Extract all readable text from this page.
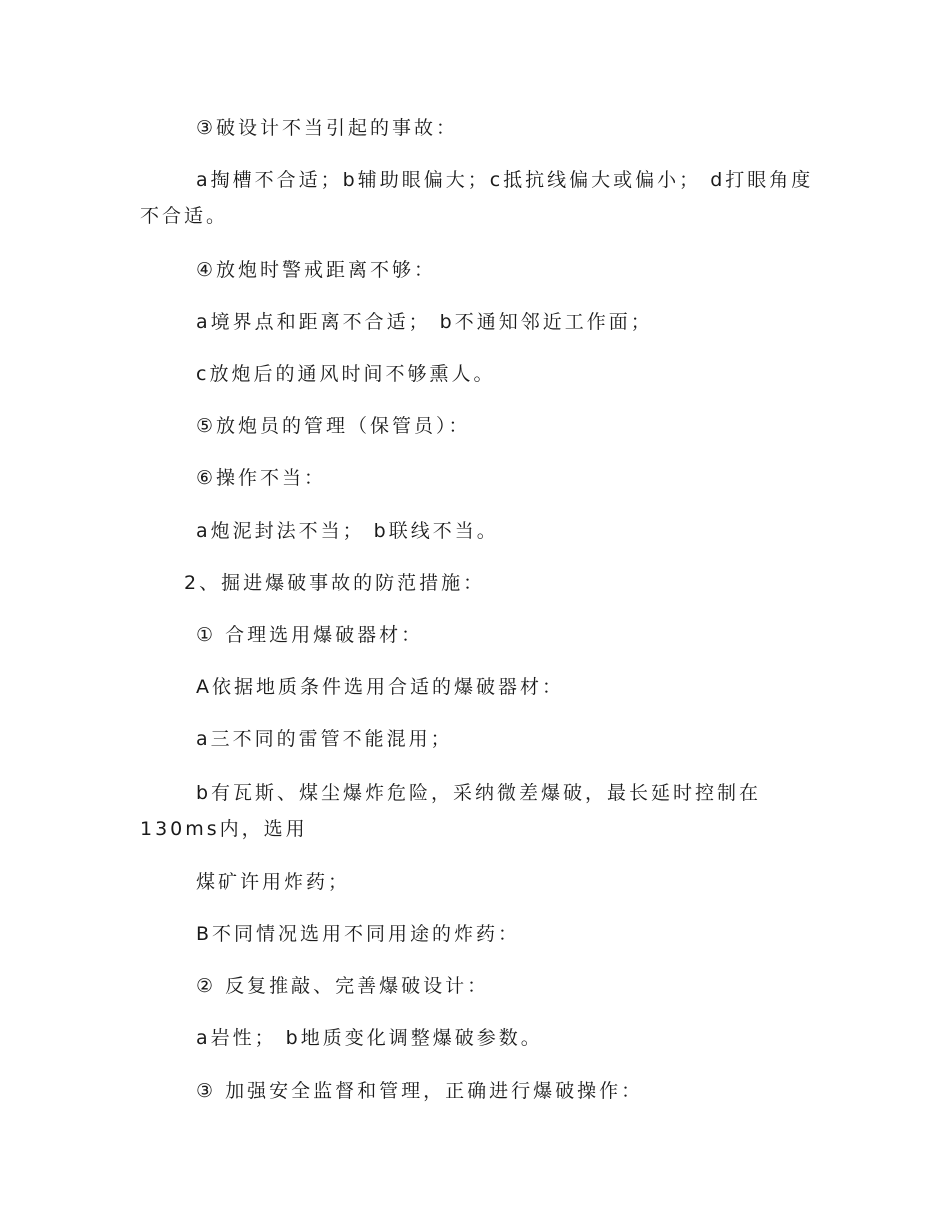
③破设计不当引起的事故：
a掏槽不合适；b辅助眼偏大；c抵抗线偏大或偏小； d打眼角度
不合适。
④放炮时警戒距离不够：
a境界点和距离不合适； b不通知邻近工作面；
c放炮后的通风时间不够熏人。
⑤放炮员的管理（保管员）：
⑥操作不当：
a炮泥封法不当； b联线不当。
2、掘进爆破事故的防范措施：
① 合理选用爆破器材：
A依据地质条件选用合适的爆破器材：
a三不同的雷管不能混用；
b有瓦斯、煤尘爆炸危险，采纳微差爆破，最长延时控制在
130ms内，选用
煤矿许用炸药；
B不同情况选用不同用途的炸药：
② 反复推敲、完善爆破设计：
a岩性； b地质变化调整爆破参数。
③ 加强安全监督和管理，正确进行爆破操作：
